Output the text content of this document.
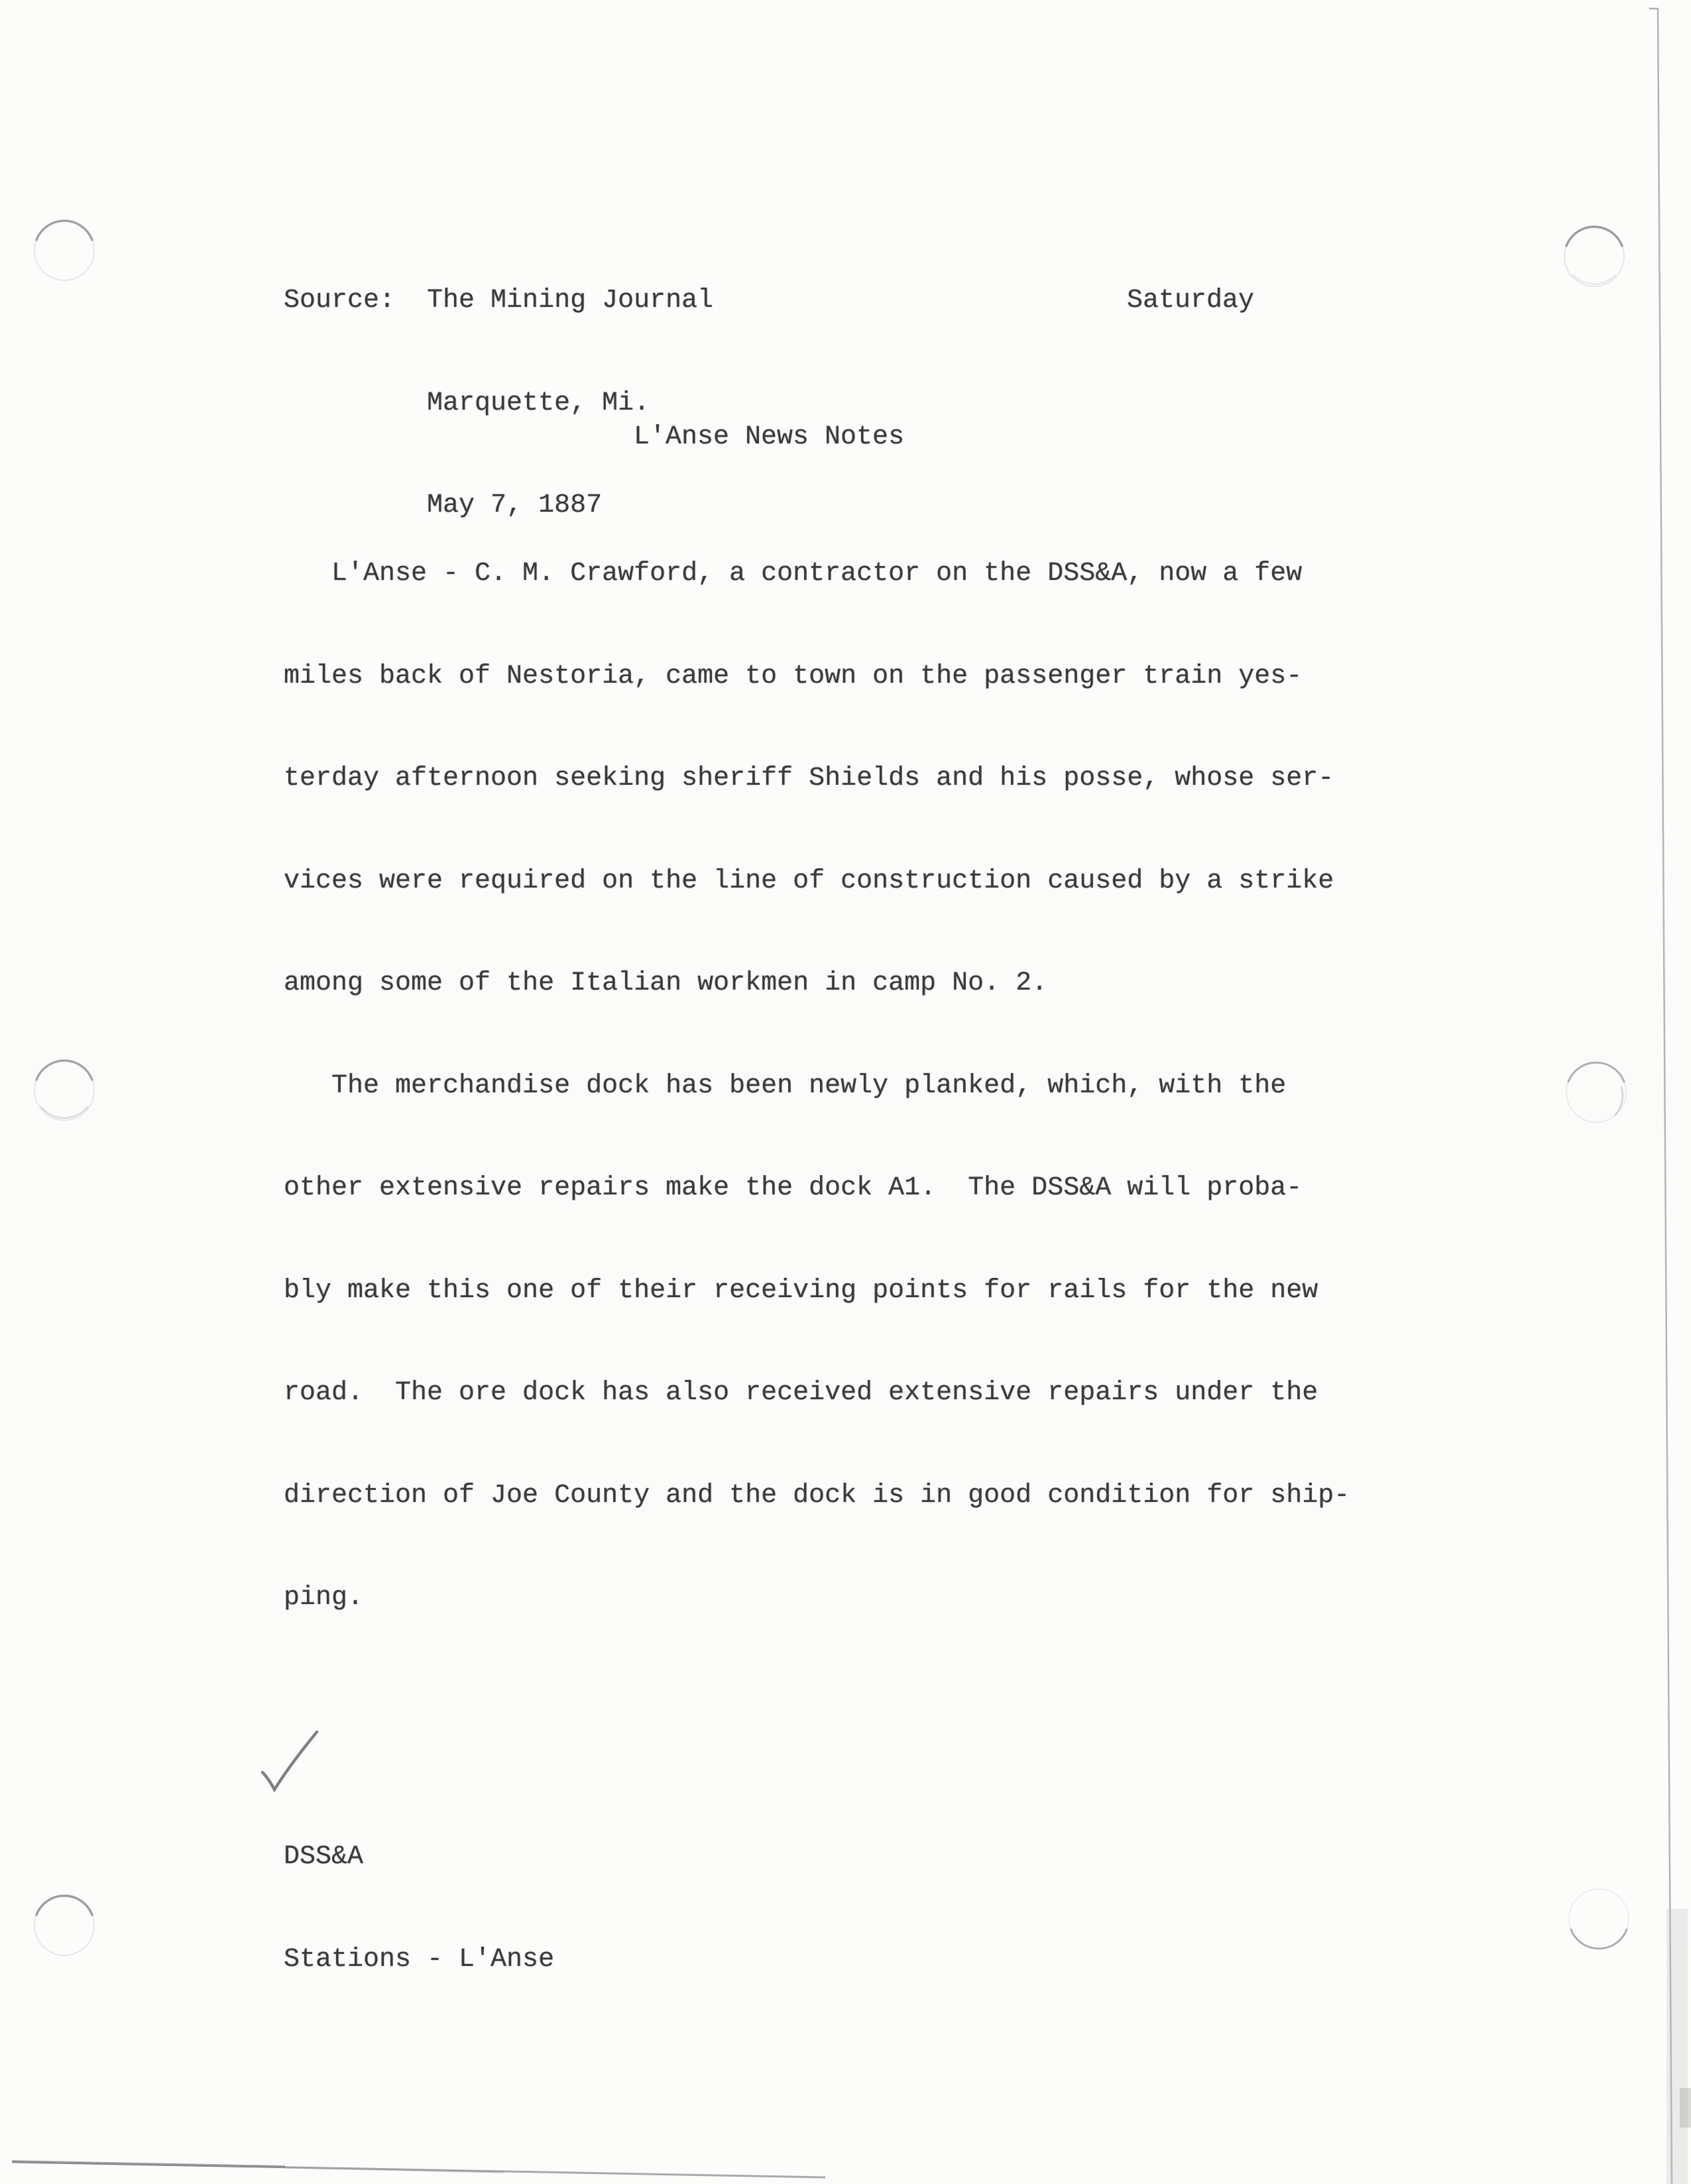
Source:  The Mining Journal

Marquette, Mi.

May 7, 1887

Saturday
L'Anse News Notes

L'Anse - C. M. Crawford, a contractor on the DSS&A, now a few

miles back of Nestoria, came to town on the passenger train yes-

terday afternoon seeking sheriff Shields and his posse, whose ser-

vices were required on the line of construction caused by a strike

among some of the Italian workmen in camp No. 2.

The merchandise dock has been newly planked, which, with the

other extensive repairs make the dock A1.  The DSS&A will proba-

bly make this one of their receiving points for rails for the new

road.  The ore dock has also received extensive repairs under the

direction of Joe County and the dock is in good condition for ship-

ping.

DSS&A

Stations - L'Anse
